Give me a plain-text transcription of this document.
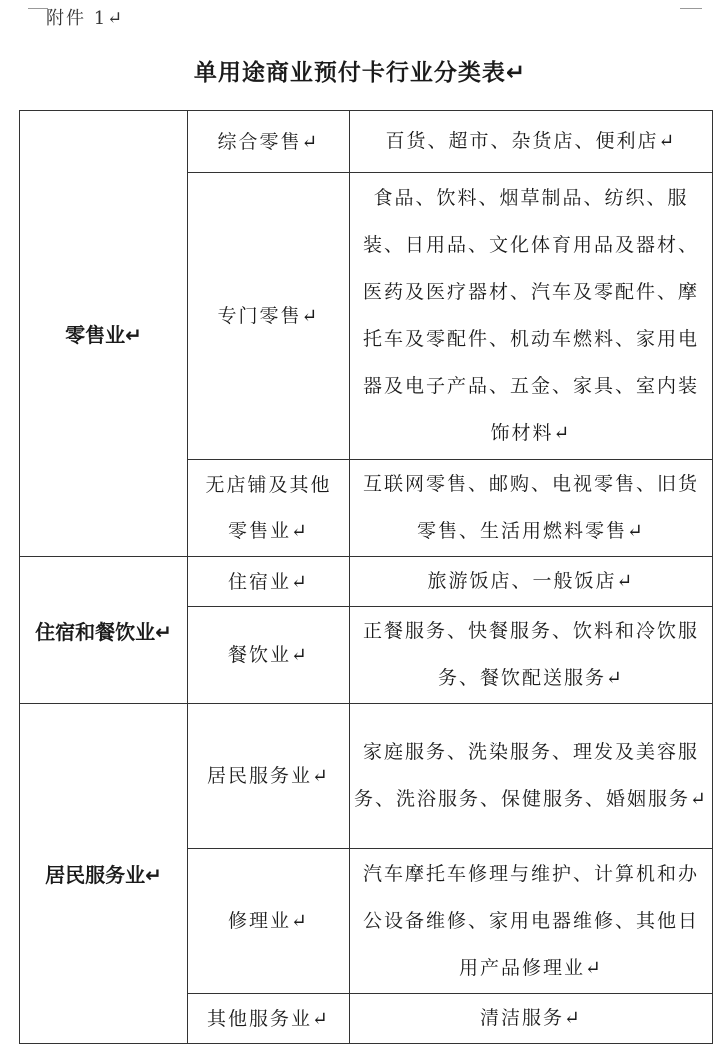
附件 1↵
单用途商业预付卡行业分类表↵
零售业↵	综合零售↵	百货、超市、杂货店、便利店↵
	专门零售↵	食品、饮料、烟草制品、纺织、服装、日用品、文化体育用品及器材、医药及医疗器材、汽车及零配件、摩托车及零配件、机动车燃料、家用电器及电子产品、五金、家具、室内装饰材料↵
	无店铺及其他零售业↵	互联网零售、邮购、电视零售、旧货零售、生活用燃料零售↵
住宿和餐饮业↵	住宿业↵	旅游饭店、一般饭店↵
	餐饮业↵	正餐服务、快餐服务、饮料和冷饮服务、餐饮配送服务↵
居民服务业↵	居民服务业↵	家庭服务、洗染服务、理发及美容服务、洗浴服务、保健服务、婚姻服务↵
	修理业↵	汽车摩托车修理与维护、计算机和办公设备维修、家用电器维修、其他日用产品修理业↵
	其他服务业↵	清洁服务↵
